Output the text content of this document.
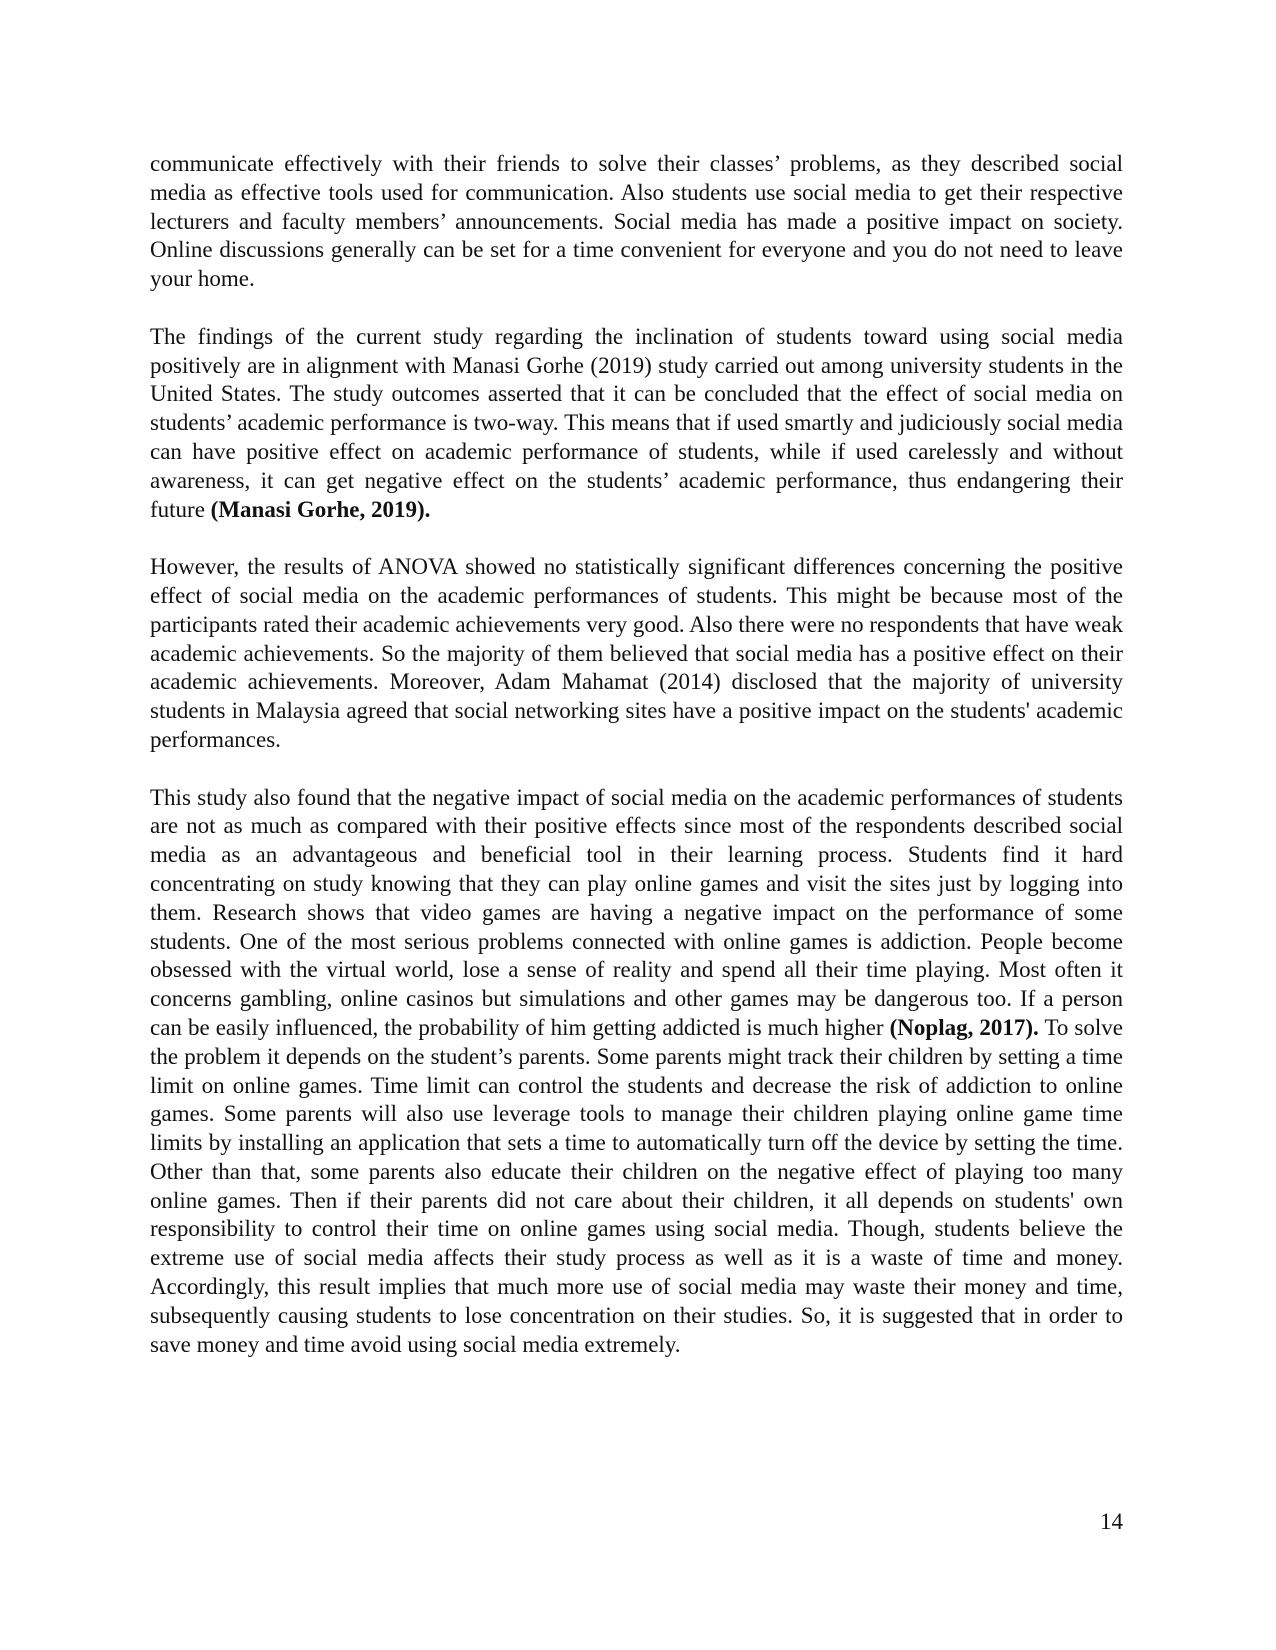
communicate effectively with their friends to solve their classes’ problems, as they described social media as effective tools used for communication. Also students use social media to get their respective lecturers and faculty members’ announcements. Social media has made a positive impact on society. Online discussions generally can be set for a time convenient for everyone and you do not need to leave your home.

The findings of the current study regarding the inclination of students toward using social media positively are in alignment with Manasi Gorhe (2019) study carried out among university students in the United States. The study outcomes asserted that it can be concluded that the effect of social media on students’ academic performance is two-way. This means that if used smartly and judiciously social media can have positive effect on academic performance of students, while if used carelessly and without awareness, it can get negative effect on the students’ academic performance, thus endangering their future (Manasi Gorhe, 2019).

However, the results of ANOVA showed no statistically significant differences concerning the positive effect of social media on the academic performances of students. This might be because most of the participants rated their academic achievements very good. Also there were no respondents that have weak academic achievements. So the majority of them believed that social media has a positive effect on their academic achievements. Moreover, Adam Mahamat (2014) disclosed that the majority of university students in Malaysia agreed that social networking sites have a positive impact on the students' academic performances.

This study also found that the negative impact of social media on the academic performances of students are not as much as compared with their positive effects since most of the respondents described social media as an advantageous and beneficial tool in their learning process. Students find it hard concentrating on study knowing that they can play online games and visit the sites just by logging into them. Research shows that video games are having a negative impact on the performance of some students. One of the most serious problems connected with online games is addiction. People become obsessed with the virtual world, lose a sense of reality and spend all their time playing. Most often it concerns gambling, online casinos but simulations and other games may be dangerous too. If a person can be easily influenced, the probability of him getting addicted is much higher (Noplag, 2017). To solve the problem it depends on the student’s parents. Some parents might track their children by setting a time limit on online games. Time limit can control the students and decrease the risk of addiction to online games. Some parents will also use leverage tools to manage their children playing online game time limits by installing an application that sets a time to automatically turn off the device by setting the time. Other than that, some parents also educate their children on the negative effect of playing too many online games. Then if their parents did not care about their children, it all depends on students' own responsibility to control their time on online games using social media. Though, students believe the extreme use of social media affects their study process as well as it is a waste of time and money. Accordingly, this result implies that much more use of social media may waste their money and time, subsequently causing students to lose concentration on their studies. So, it is suggested that in order to save money and time avoid using social media extremely.

14
